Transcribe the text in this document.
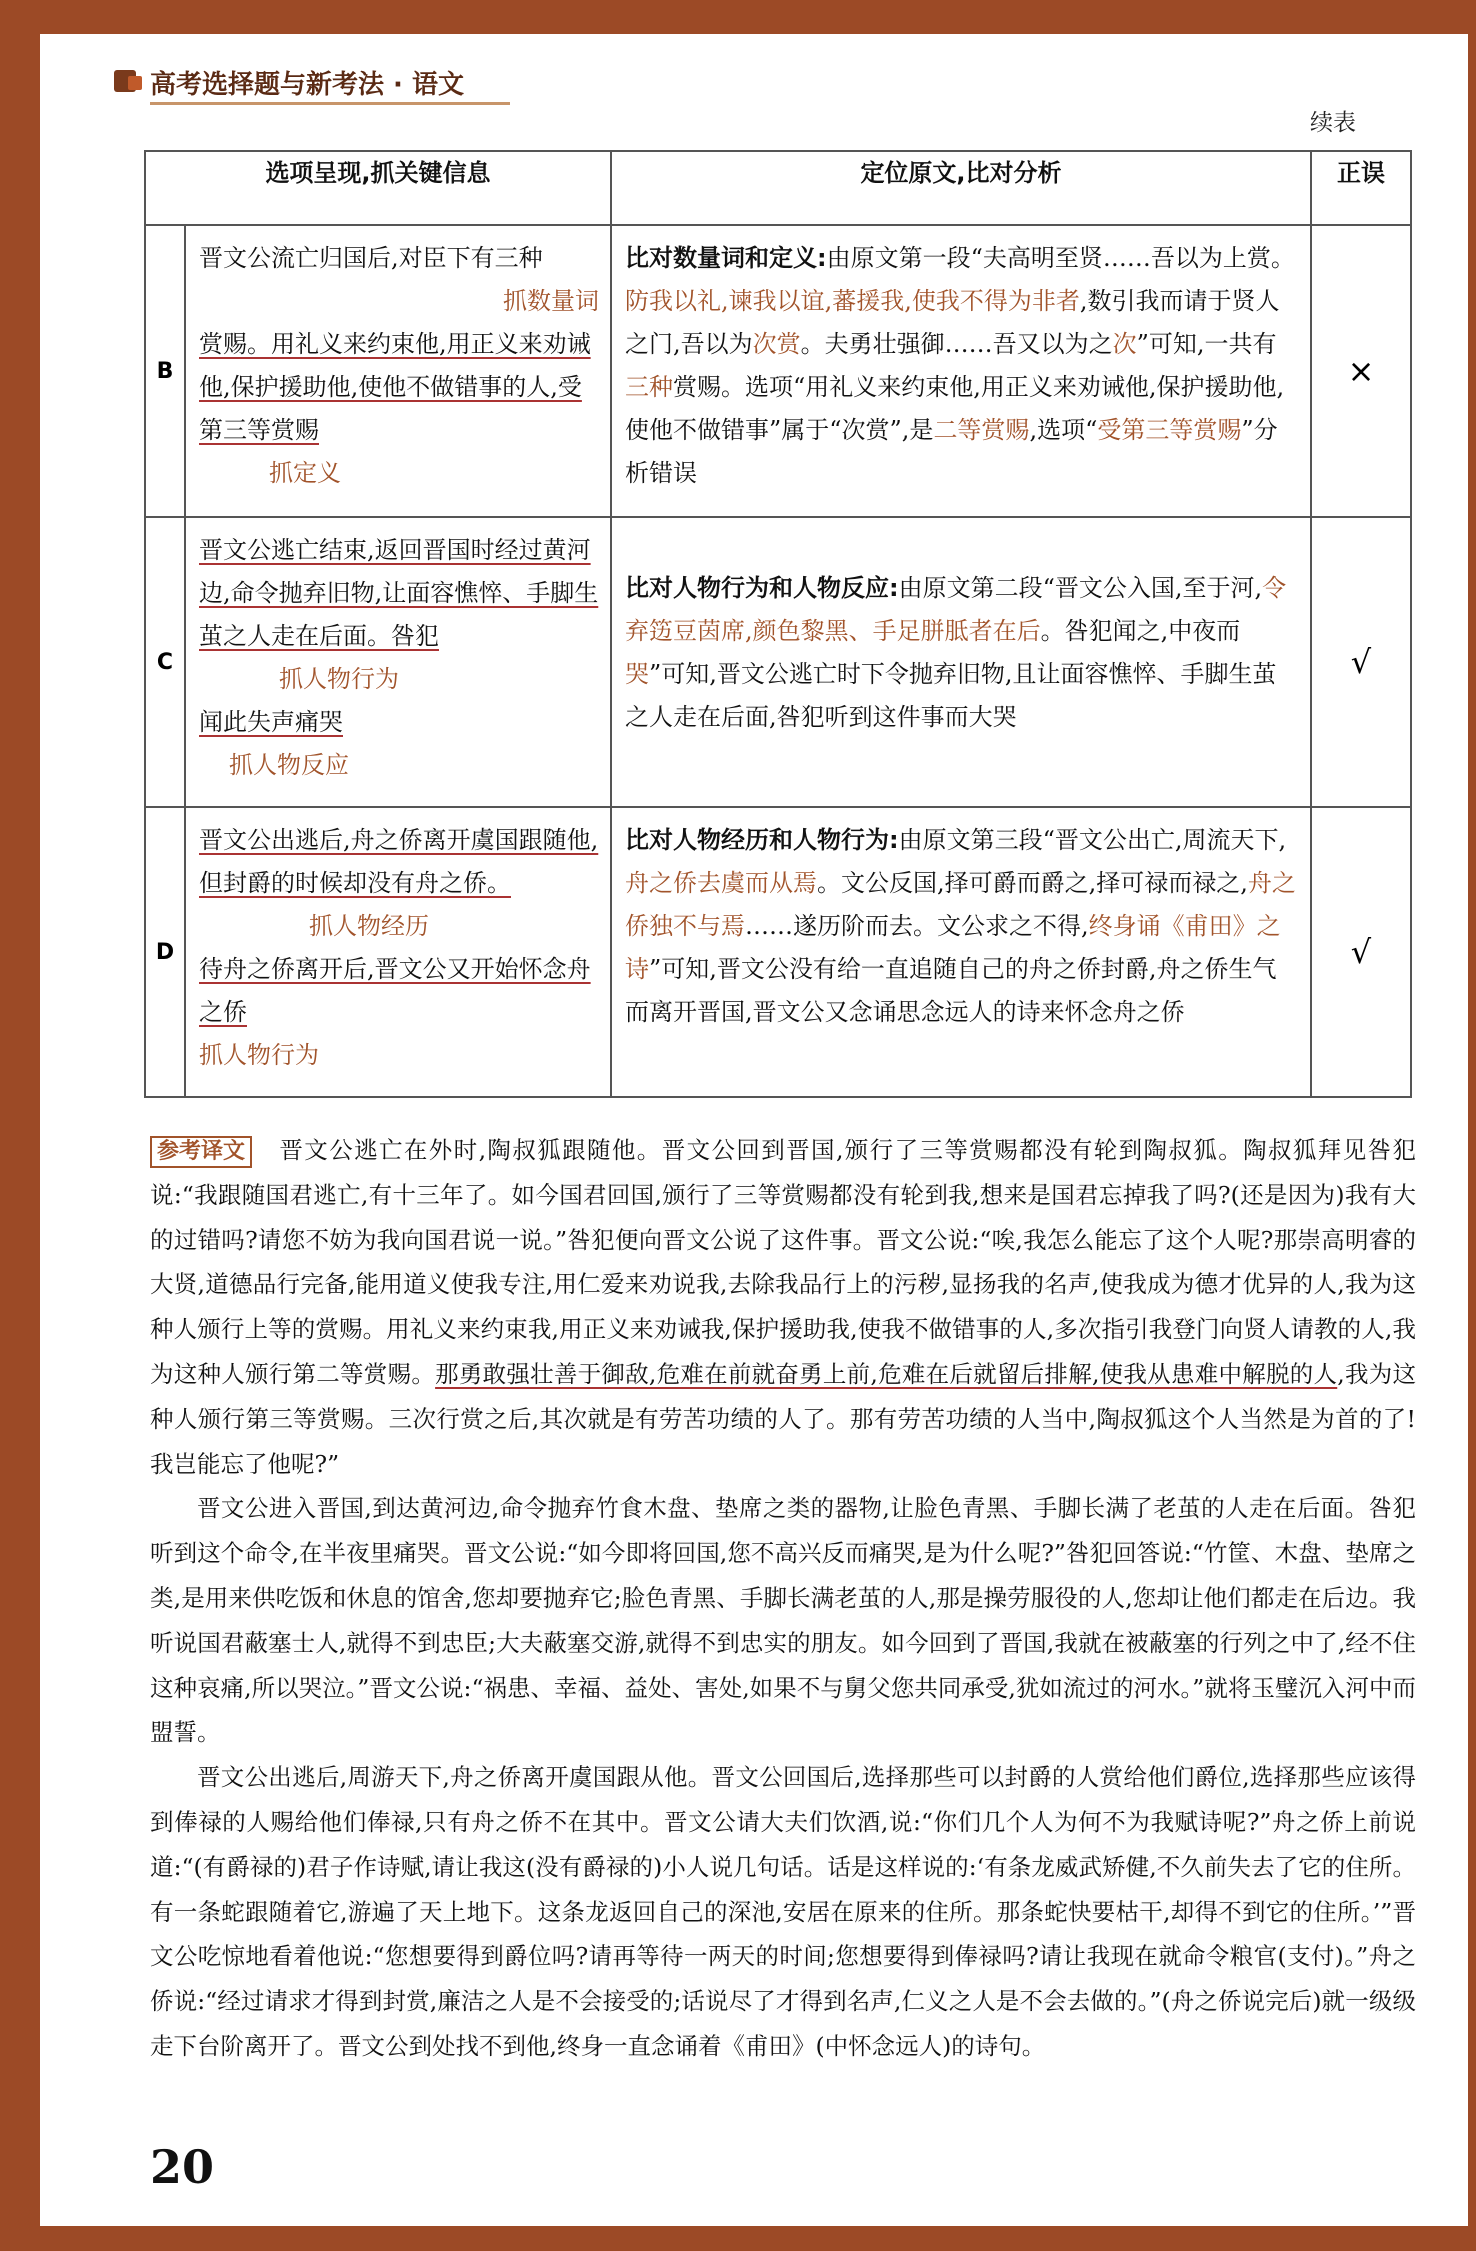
高考选择题与新考法 · 语文
续表
选项呈现,抓关键信息		定位原文,比对分析	正误
B	晋文公流亡归国后,对臣下有三种

抓数量词
赏赐。用礼义来约束他,用正义来劝诫他,保护援助他,使他不做错事的人,受第三等赏赐
抓定义	比对数量词和定义:由原文第一段“夫高明至贤……吾以为上赏。防我以礼,谏我以谊,蕃援我,使我不得为非者,数引我而请于贤人之门,吾以为次赏。夫勇壮强御……吾又以为之次”可知,一共有三种赏赐。选项“用礼义来约束他,用正义来劝诫他,保护援助他,使他不做错事”属于“次赏”,是二等赏赐,选项“受第三等赏赐”分析错误	×
C	晋文公逃亡结束,返回晋国时经过黄河边,命令抛弃旧物,让面容憔悴、手脚生茧之人走在后面。咎犯
抓人物行为
闻此失声痛哭
抓人物反应	比对人物行为和人物反应:由原文第二段“晋文公入国,至于河,令弃笾豆茵席,颜色黎黑、手足胼胝者在后。咎犯闻之,中夜而哭”可知,晋文公逃亡时下令抛弃旧物,且让面容憔悴、手脚生茧之人走在后面,咎犯听到这件事而大哭	√
D	晋文公出逃后,舟之侨离开虞国跟随他,但封爵的时候却没有舟之侨。
抓人物经历
待舟之侨离开后,晋文公又开始怀念舟之侨
抓人物行为	比对人物经历和人物行为:由原文第三段“晋文公出亡,周流天下,舟之侨去虞而从焉。文公反国,择可爵而爵之,择可禄而禄之,舟之侨独不与焉……遂历阶而去。文公求之不得,终身诵《甫田》之诗”可知,晋文公没有给一直追随自己的舟之侨封爵,舟之侨生气而离开晋国,晋文公又念诵思念远人的诗来怀念舟之侨	√

参考译文 晋文公逃亡在外时,陶叔狐跟随他。晋文公回到晋国,颁行了三等赏赐都没有轮到陶叔狐。陶叔狐拜见咎犯说:“我跟随国君逃亡,有十三年了。如今国君回国,颁行了三等赏赐都没有轮到我,想来是国君忘掉我了吗?(还是因为)我有大的过错吗?请您不妨为我向国君说一说。”咎犯便向晋文公说了这件事。晋文公说:“唉,我怎么能忘了这个人呢?那崇高明睿的大贤,道德品行完备,能用道义使我专注,用仁爱来劝说我,去除我品行上的污秽,显扬我的名声,使我成为德才优异的人,我为这种人颁行上等的赏赐。用礼义来约束我,用正义来劝诫我,保护援助我,使我不做错事的人,多次指引我登门向贤人请教的人,我为这种人颁行第二等赏赐。那勇敢强壮善于御敌,危难在前就奋勇上前,危难在后就留后排解,使我从患难中解脱的人,我为这种人颁行第三等赏赐。三次行赏之后,其次就是有劳苦功绩的人了。那有劳苦功绩的人当中,陶叔狐这个人当然是为首的了!我岂能忘了他呢?”

晋文公进入晋国,到达黄河边,命令抛弃竹食木盘、垫席之类的器物,让脸色青黑、手脚长满了老茧的人走在后面。咎犯听到这个命令,在半夜里痛哭。晋文公说:“如今即将回国,您不高兴反而痛哭,是为什么呢?”咎犯回答说:“竹筐、木盘、垫席之类,是用来供吃饭和休息的馆舍,您却要抛弃它;脸色青黑、手脚长满老茧的人,那是操劳服役的人,您却让他们都走在后边。我听说国君蔽塞士人,就得不到忠臣;大夫蔽塞交游,就得不到忠实的朋友。如今回到了晋国,我就在被蔽塞的行列之中了,经不住这种哀痛,所以哭泣。”晋文公说:“祸患、幸福、益处、害处,如果不与舅父您共同承受,犹如流过的河水。”就将玉璧沉入河中而盟誓。

晋文公出逃后,周游天下,舟之侨离开虞国跟从他。晋文公回国后,选择那些可以封爵的人赏给他们爵位,选择那些应该得到俸禄的人赐给他们俸禄,只有舟之侨不在其中。晋文公请大夫们饮酒,说:“你们几个人为何不为我赋诗呢?”舟之侨上前说道:“(有爵禄的)君子作诗赋,请让我这(没有爵禄的)小人说几句话。话是这样说的:‘有条龙威武矫健,不久前失去了它的住所。有一条蛇跟随着它,游遍了天上地下。这条龙返回自己的深池,安居在原来的住所。那条蛇快要枯干,却得不到它的住所。’”晋文公吃惊地看着他说:“您想要得到爵位吗?请再等待一两天的时间;您想要得到俸禄吗?请让我现在就命令粮官(支付)。”舟之侨说:“经过请求才得到封赏,廉洁之人是不会接受的;话说尽了才得到名声,仁义之人是不会去做的。”(舟之侨说完后)就一级级走下台阶离开了。晋文公到处找不到他,终身一直念诵着《甫田》(中怀念远人)的诗句。

20
